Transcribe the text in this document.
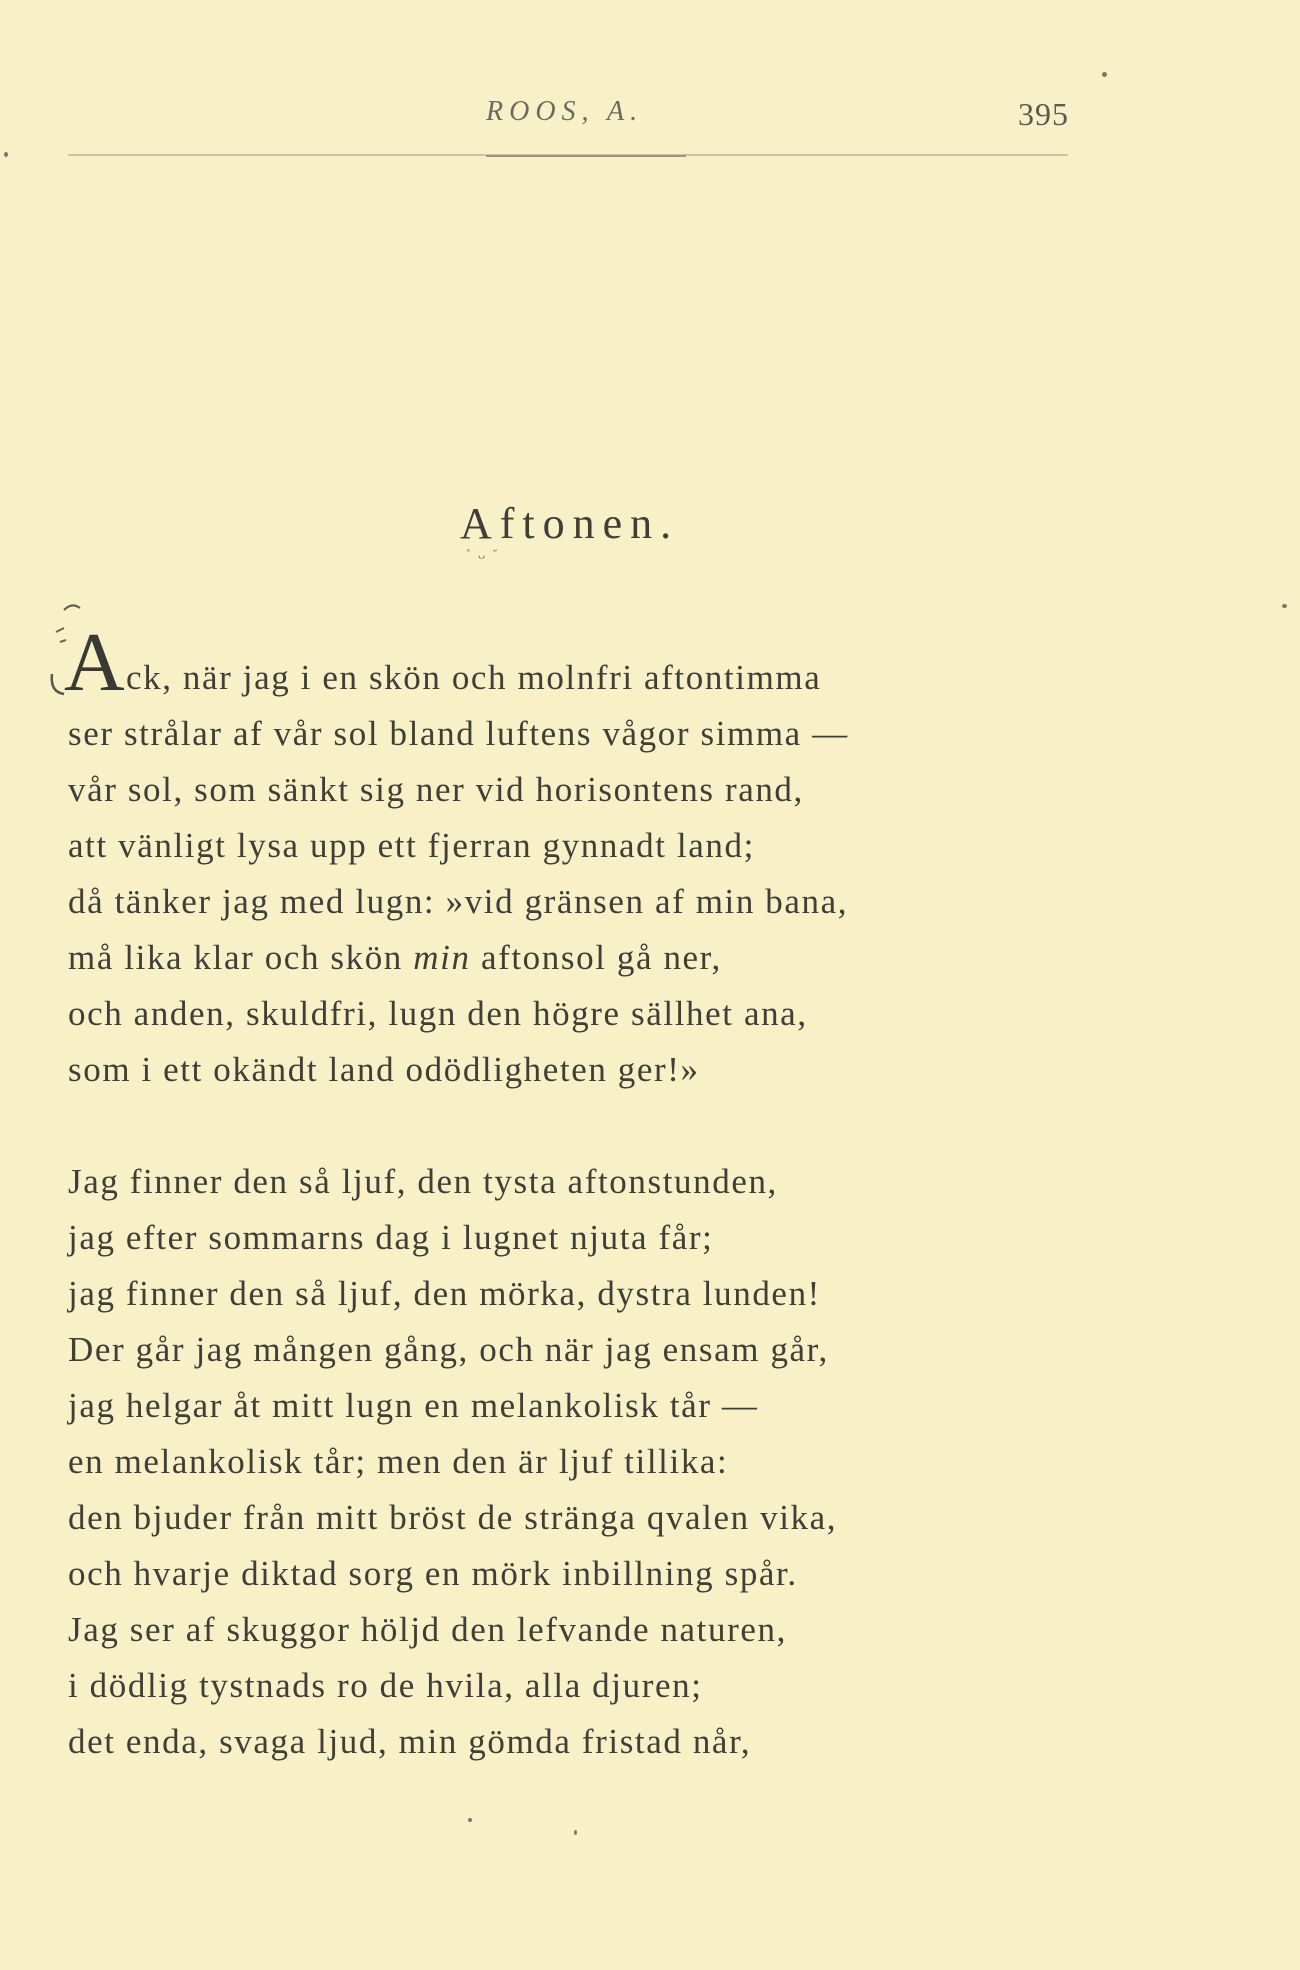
ROOS, A.	395
Aftonen.
˚ ᴗ ˘
A ck, när jag i en skön och molnfri aftontimma
ser strålar af vår sol bland luftens vågor simma —
vår sol, som sänkt sig ner vid horisontens rand,
att vänligt lysa upp ett fjerran gynnadt land;
då tänker jag med lugn: »vid gränsen af min bana,
må lika klar och skön min aftonsol gå ner,
och anden, skuldfri, lugn den högre sällhet ana,
som i ett okändt land odödligheten ger!»
Jag finner den så ljuf, den tysta aftonstunden,
jag efter sommarns dag i lugnet njuta får;
jag finner den så ljuf, den mörka, dystra lunden!
Der går jag mången gång, och när jag ensam går,
jag helgar åt mitt lugn en melankolisk tår —
en melankolisk tår; men den är ljuf tillika:
den bjuder från mitt bröst de stränga qvalen vika,
och hvarje diktad sorg en mörk inbillning spår.
Jag ser af skuggor höljd den lefvande naturen,
i dödlig tystnads ro de hvila, alla djuren;
det enda, svaga ljud, min gömda fristad når,
